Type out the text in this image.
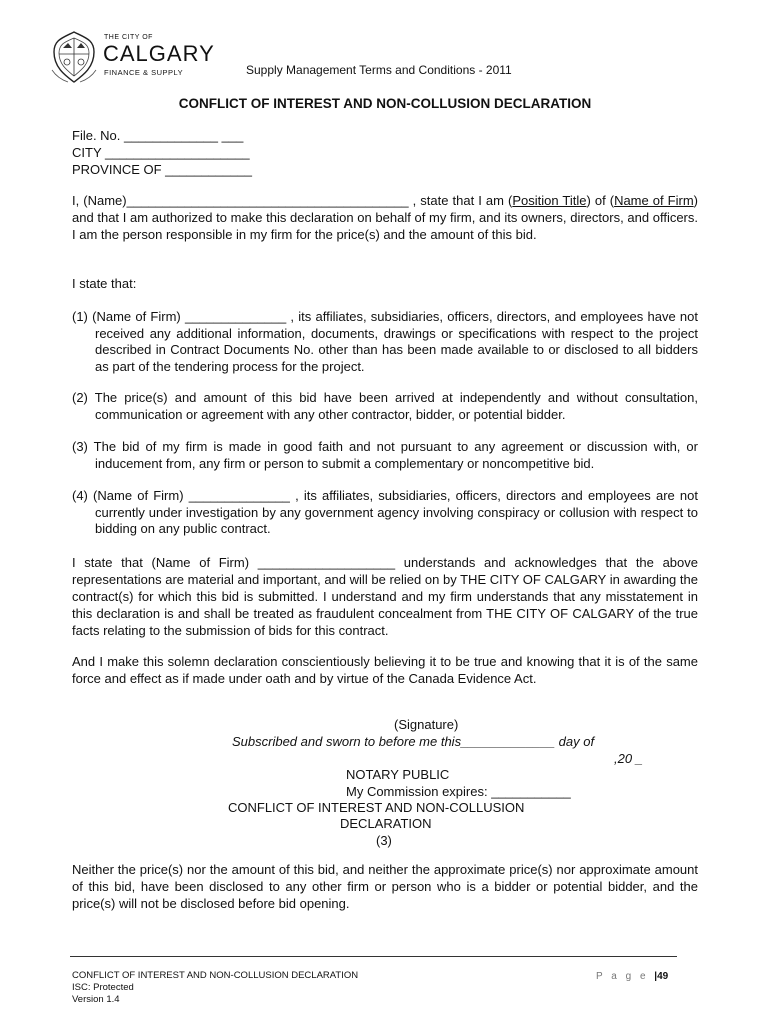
THE CITY OF
CALGARY
FINANCE & SUPPLY	Supply Management Terms and Conditions - 2011
CONFLICT OF INTEREST AND NON-COLLUSION DECLARATION
File. No. _____________ ___
CITY ____________________
PROVINCE OF ____________
I, (Name)_______________________________________ , state that I am (Position Title) of (Name of Firm) and that I am authorized to make this declaration on behalf of my firm, and its owners, directors, and officers. I am the person responsible in my firm for the price(s) and the amount of this bid.
I state that:
(1) (Name of Firm) ______________ , its affiliates, subsidiaries, officers, directors, and employees have not received any additional information, documents, drawings or specifications with respect to the project described in Contract Documents No. other than has been made available to or disclosed to all bidders as part of the tendering process for the project.
(2) The price(s) and amount of this bid have been arrived at independently and without consultation, communication or agreement with any other contractor, bidder, or potential bidder.
(3) The bid of my firm is made in good faith and not pursuant to any agreement or discussion with, or inducement from, any firm or person to submit a complementary or noncompetitive bid.
(4) (Name of Firm) ______________ , its affiliates, subsidiaries, officers, directors and employees are not currently under investigation by any government agency involving conspiracy or collusion with respect to bidding on any public contract.
I state that (Name of Firm) ___________________ understands and acknowledges that the above representations are material and important, and will be relied on by THE CITY OF CALGARY in awarding the contract(s) for which this bid is submitted. I understand and my firm understands that any misstatement in this declaration is and shall be treated as fraudulent concealment from THE CITY OF CALGARY of the true facts relating to the submission of bids for this contract.
And I make this solemn declaration conscientiously believing it to be true and knowing that it is of the same force and effect as if made under oath and by virtue of the Canada Evidence Act.
(Signature)
Subscribed and sworn to before me this_____________ day of
,20 _
NOTARY PUBLIC
My Commission expires: ___________
CONFLICT OF INTEREST AND NON-COLLUSION
DECLARATION
(3)
Neither the price(s) nor the amount of this bid, and neither the approximate price(s) nor approximate amount of this bid, have been disclosed to any other firm or person who is a bidder or potential bidder, and the price(s) will not be disclosed before bid opening.
CONFLICT OF INTEREST AND NON-COLLUSION DECLARATION
ISC: Protected
Version 1.4
P a g e |49
